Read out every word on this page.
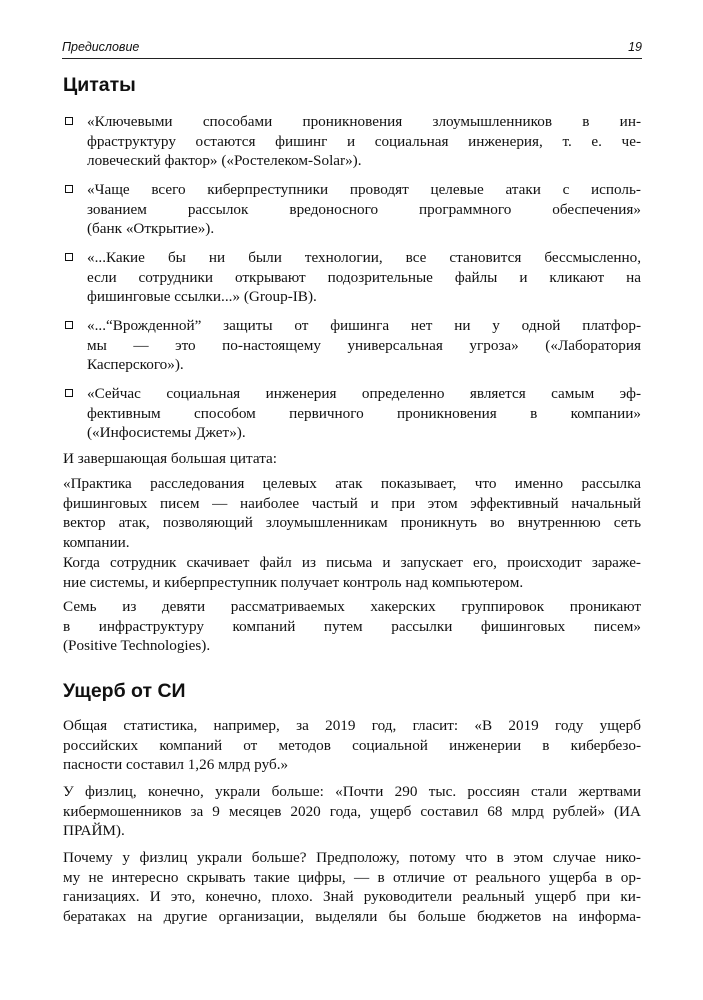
Предисловие	19
Цитаты
«Ключевыми способами проникновения злоумышленников в ин-
фраструктуру остаются фишинг и социальная инженерия, т. е. че-
ловеческий фактор» («Ростелеком-Solar»).
«Чаще всего киберпреступники проводят целевые атаки с исполь-
зованием рассылок вредоносного программного обеспечения»
(банк «Открытие»).
«...Какие бы ни были технологии, все становится бессмысленно,
если сотрудники открывают подозрительные файлы и кликают на
фишинговые ссылки...» (Group-IB).
«...“Врожденной” защиты от фишинга нет ни у одной платфор-
мы — это по-настоящему универсальная угроза» («Лаборатория
Касперского»).
«Сейчас социальная инженерия определенно является самым эф-
фективным способом первичного проникновения в компании»
(«Инфосистемы Джет»).
И завершающая большая цитата:
«Практика расследования целевых атак показывает, что именно рассылка
фишинговых писем — наиболее частый и при этом эффективный начальный
вектор атак, позволяющий злоумышленникам проникнуть во внутреннюю сеть
компании.
Когда сотрудник скачивает файл из письма и запускает его, происходит зараже-
ние системы, и киберпреступник получает контроль над компьютером.
Семь из девяти рассматриваемых хакерских группировок проникают
в инфраструктуру компаний путем рассылки фишинговых писем»
(Positive Technologies).
Ущерб от СИ
Общая статистика, например, за 2019 год, гласит: «В 2019 году ущерб
российских компаний от методов социальной инженерии в кибербезо-
пасности составил 1,26 млрд руб.»
У физлиц, конечно, украли больше: «Почти 290 тыс. россиян стали жертвами
кибермошенников за 9 месяцев 2020 года, ущерб составил 68 млрд рублей» (ИА
ПРАЙМ).
Почему у физлиц украли больше? Предположу, потому что в этом случае нико-
му не интересно скрывать такие цифры, — в отличие от реального ущерба в ор-
ганизациях. И это, конечно, плохо. Знай руководители реальный ущерб при ки-
бератаках на другие организации, выделяли бы больше бюджетов на информа-
